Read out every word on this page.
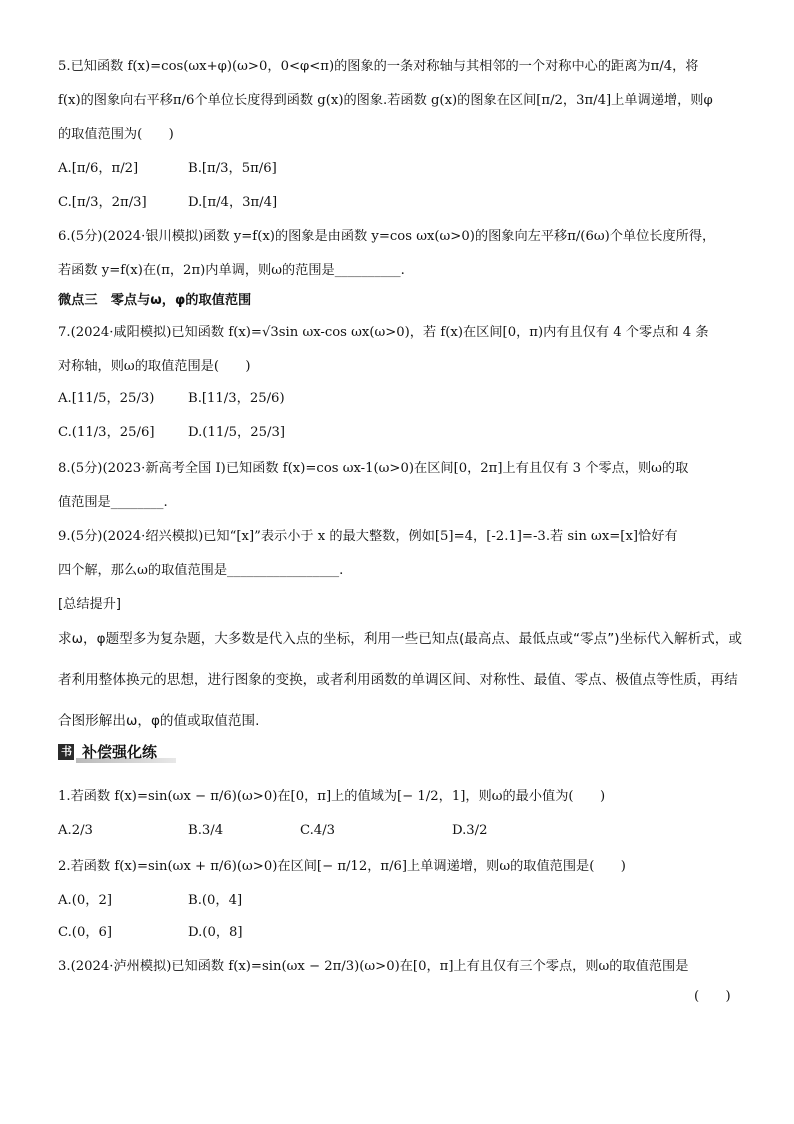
5.已知函数 f(x)=cos(ωx+φ)(ω>0，0<φ<π)的图象的一条对称轴与其相邻的一个对称中心的距离为π/4，将
f(x)的图象向右平移π/6个单位长度得到函数 g(x)的图象.若函数 g(x)的图象在区间[π/2，3π/4]上单调递增，则φ
的取值范围为(　　)
A.[π/6，π/2]	B.[π/3，5π/6]
C.[π/3，2π/3]	D.[π/4，3π/4]
6.(5分)(2024·银川模拟)函数 y=f(x)的图象是由函数 y=cos ωx(ω>0)的图象向左平移π/(6ω)个单位长度所得，
若函数 y=f(x)在(π，2π)内单调，则ω的范围是__________.
微点三　零点与ω，φ的取值范围
7.(2024·咸阳模拟)已知函数 f(x)=√3sin ωx-cos ωx(ω>0)，若 f(x)在区间[0，π)内有且仅有 4 个零点和 4 条
对称轴，则ω的取值范围是(　　)
A.[11/5，25/3)	B.[11/3，25/6)
C.(11/3，25/6]	D.(11/5，25/3]
8.(5分)(2023·新高考全国 Ⅰ)已知函数 f(x)=cos ωx-1(ω>0)在区间[0，2π]上有且仅有 3 个零点，则ω的取
值范围是________.
9.(5分)(2024·绍兴模拟)已知“[x]”表示小于 x 的最大整数，例如[5]=4，[-2.1]=-3.若 sin ωx=[x]恰好有
四个解，那么ω的取值范围是_________________.
[总结提升]
求ω，φ题型多为复杂题，大多数是代入点的坐标，利用一些已知点(最高点、最低点或“零点”)坐标代入解析式，或者利用整体换元的思想，进行图象的变换，或者利用函数的单调区间、对称性、最值、零点、极值点等性质，再结合图形解出ω，φ的值或取值范围.
书 补偿强化练
1.若函数 f(x)=sin(ωx − π/6)(ω>0)在[0，π]上的值域为[− 1/2，1]，则ω的最小值为(　　)
A.2/3	B.3/4	C.4/3	D.3/2
2.若函数 f(x)=sin(ωx + π/6)(ω>0)在区间[− π/12，π/6]上单调递增，则ω的取值范围是(　　)
A.(0，2]	B.(0，4]
C.(0，6]	D.(0，8]
3.(2024·泸州模拟)已知函数 f(x)=sin(ωx − 2π/3)(ω>0)在[0，π]上有且仅有三个零点，则ω的取值范围是
(　　)
